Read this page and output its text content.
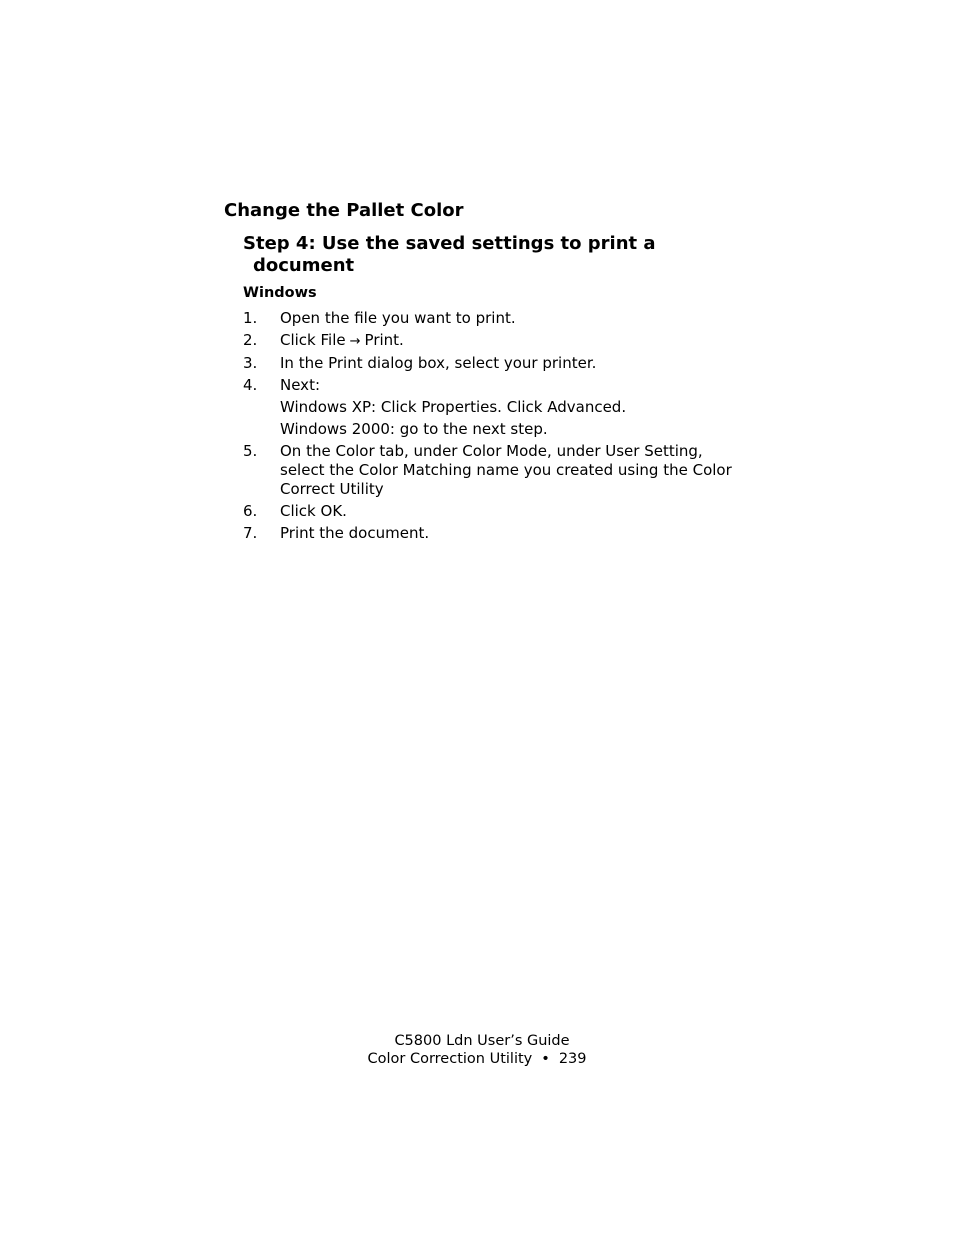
Change the Pallet Color
Step 4: Use the saved settings to print a
document
Windows
1. Open the file you want to print.
2. Click File → Print.
3. In the Print dialog box, select your printer.
4. Next:
Windows XP: Click Properties. Click Advanced.
Windows 2000: go to the next step.
5. On the Color tab, under Color Mode, under User Setting, select the Color Matching name you created using the Color Correct Utility
6. Click OK.
7. Print the document.
C5800 Ldn User’s Guide
Color Correction Utility • 239
